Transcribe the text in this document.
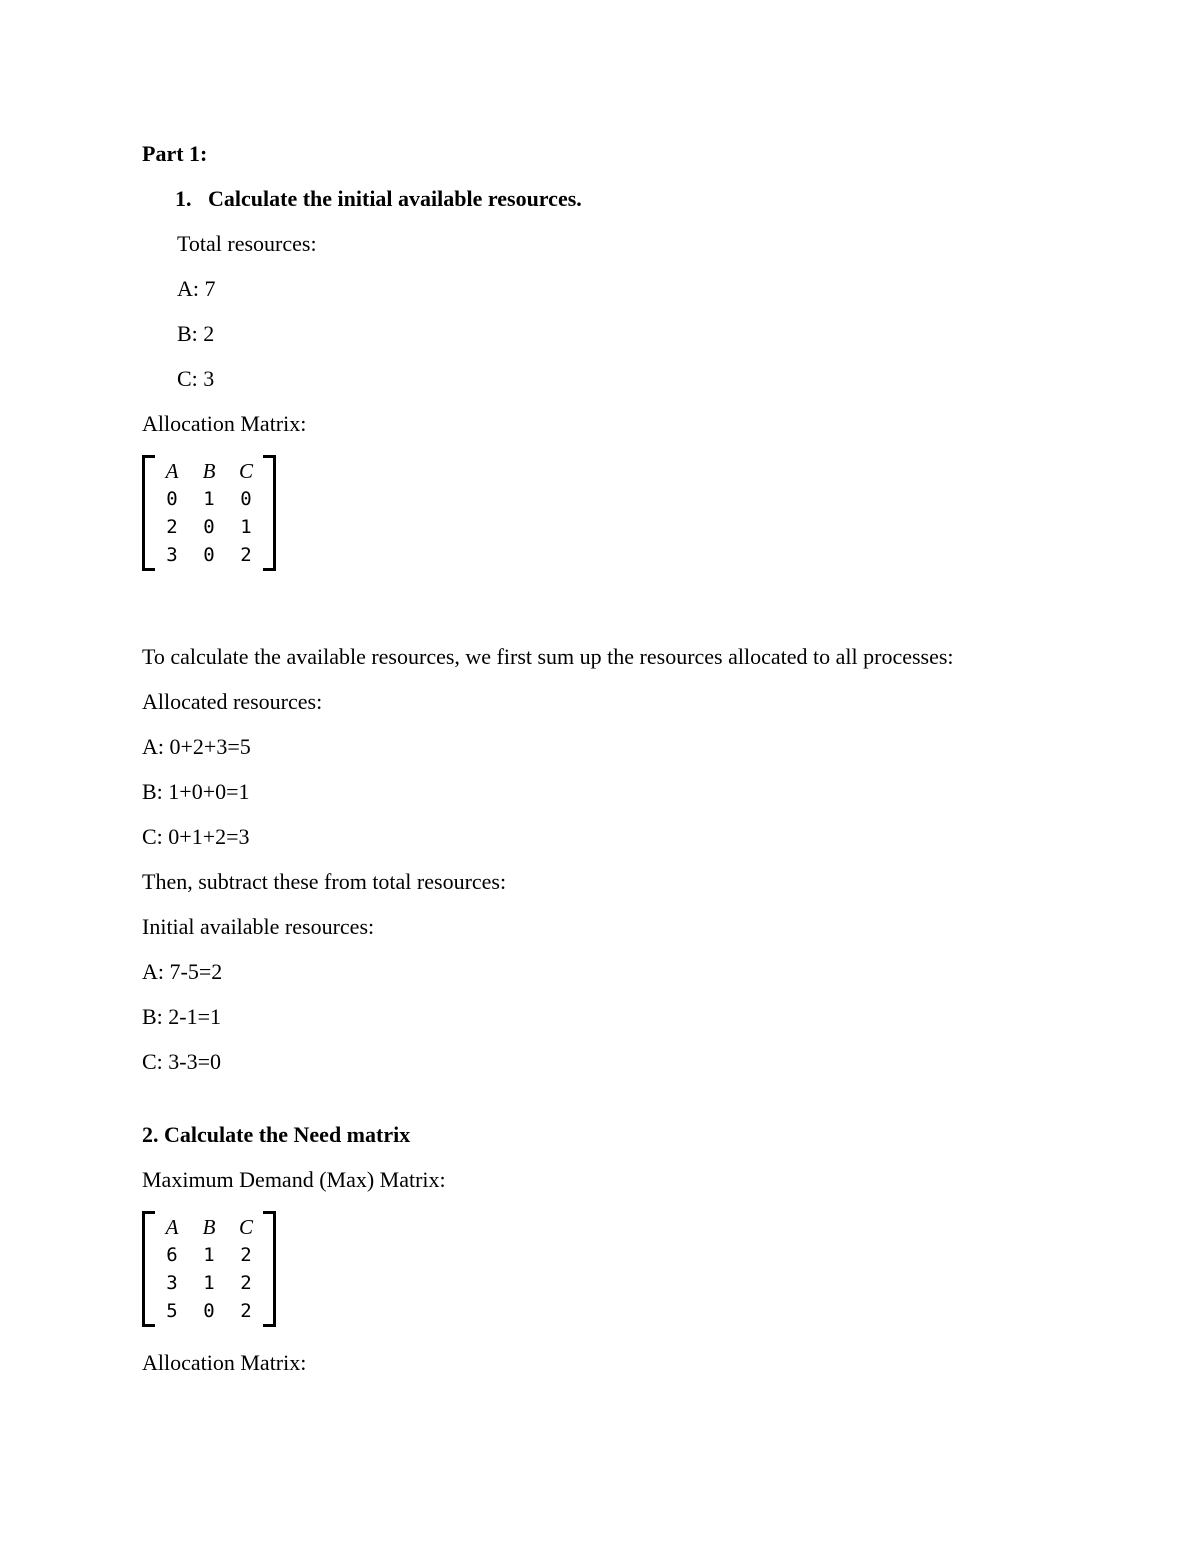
Part 1:

1. Calculate the initial available resources.

Total resources:

A: 7

B: 2

C: 3

Allocation Matrix:

A B C
0	1	0
2	0	1
3	0	2

To calculate the available resources, we first sum up the resources allocated to all processes:

Allocated resources:

A: 0+2+3=5

B: 1+0+0=1

C: 0+1+2=3

Then, subtract these from total resources:

Initial available resources:

A: 7-5=2

B: 2-1=1

C: 3-3=0

2. Calculate the Need matrix

Maximum Demand (Max) Matrix:

A B C
6	1	2
3	1	2
5	0	2

Allocation Matrix:
